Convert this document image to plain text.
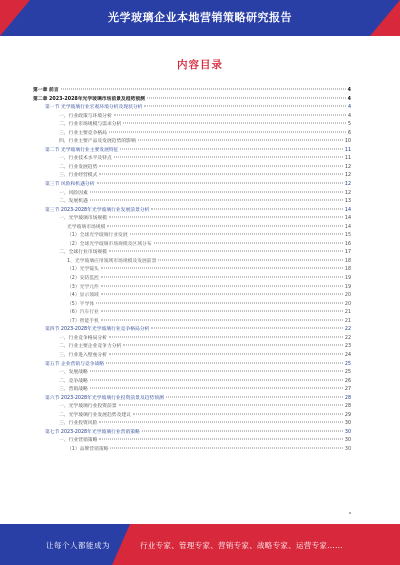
光学玻璃企业本地营销策略研究报告
内容目录
第一章 前言	4
第二章 2023-2028年光学玻璃市场前景及趋势预测	4
第一节 光学玻璃行业宏观环境分析及现状分析	4
一、行业政策与环境分析	4
二、行业市场规模与需求分析	5
三、行业主要竞争格局	6
四、行业主要产品及发展趋势的影响	10
第二节 光学玻璃行业主要发展特征	11
一、行业技术水平及特点	11
二、行业发展趋势	12
三、行业经营模式	12
第三节 风险和机遇分析	12
一、风险因素	12
二、发展机遇	13
第三节 2023-2028年光学玻璃行业发展前景分析	14
一、光学玻璃市场规模	14
光学玻璃市场规模	14
（1）全球光学玻璃行业发展	15
（2）全球光学玻璃市场规模及区域分布	16
二、全球行业市场规模	17
1、光学玻璃应用领域市场规模及发展前景	18
（1）光学镜头	18
（2）安防监控	19
（3）光学元件	19
（4）显示领域	20
（5）半导体	20
（6）汽车行业	21
（7）智能手机	21
第四节 2023-2028年光学玻璃行业竞争格局分析	22
一、行业竞争格局分析	22
二、行业主要企业竞争力分析	23
三、行业进入壁垒分析	24
第五节 企业营销与竞争战略	25
一、发展战略	25
二、竞争战略	26
三、营销战略	27
第六节 2023-2028年光学玻璃行业投资前景及趋势预测	28
一、光学玻璃行业投资前景	28
二、光学玻璃行业发展趋势及建议	29
三、行业投资风险	30
第七节 2023-2028年光学玻璃行业营销策略	30
一、行业营销策略	30
（1）品牌营销策略	30
让每个人都能成为	行业专家、管理专家、营销专家、战略专家、运营专家……
